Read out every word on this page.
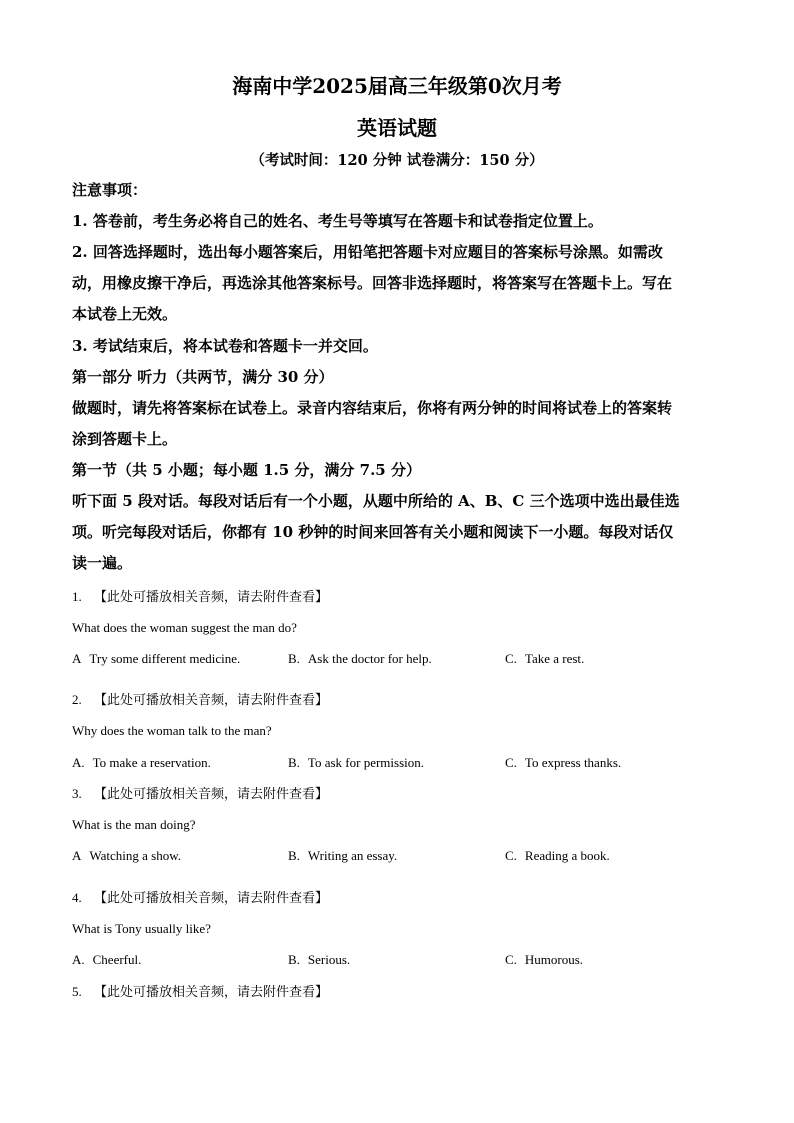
海南中学2025届高三年级第0次月考
英语试题
（考试时间：120 分钟 试卷满分：150 分）
注意事项：
1. 答卷前，考生务必将自己的姓名、考生号等填写在答题卡和试卷指定位置上。
2. 回答选择题时，选出每小题答案后，用铅笔把答题卡对应题目的答案标号涂黑。如需改
动，用橡皮擦干净后，再选涂其他答案标号。回答非选择题时，将答案写在答题卡上。写在
本试卷上无效。
3. 考试结束后，将本试卷和答题卡一并交回。
第一部分 听力（共两节，满分 30 分）
做题时，请先将答案标在试卷上。录音内容结束后，你将有两分钟的时间将试卷上的答案转
涂到答题卡上。
第一节（共 5 小题；每小题 1.5 分，满分 7.5 分）
听下面 5 段对话。每段对话后有一个小题，从题中所给的 A、B、C 三个选项中选出最佳选
项。听完每段对话后，你都有 10 秒钟的时间来回答有关小题和阅读下一小题。每段对话仅
读一遍。
1. 【此处可播放相关音频，请去附件查看】
What does the woman suggest the man do?
A Try some different medicine.	B. Ask the doctor for help.	C. Take a rest.
2. 【此处可播放相关音频，请去附件查看】
Why does the woman talk to the man?
A. To make a reservation.	B. To ask for permission.	C. To express thanks.
3. 【此处可播放相关音频，请去附件查看】
What is the man doing?
A Watching a show.	B. Writing an essay.	C. Reading a book.
4. 【此处可播放相关音频，请去附件查看】
What is Tony usually like?
A. Cheerful.	B. Serious.	C. Humorous.
5. 【此处可播放相关音频，请去附件查看】
